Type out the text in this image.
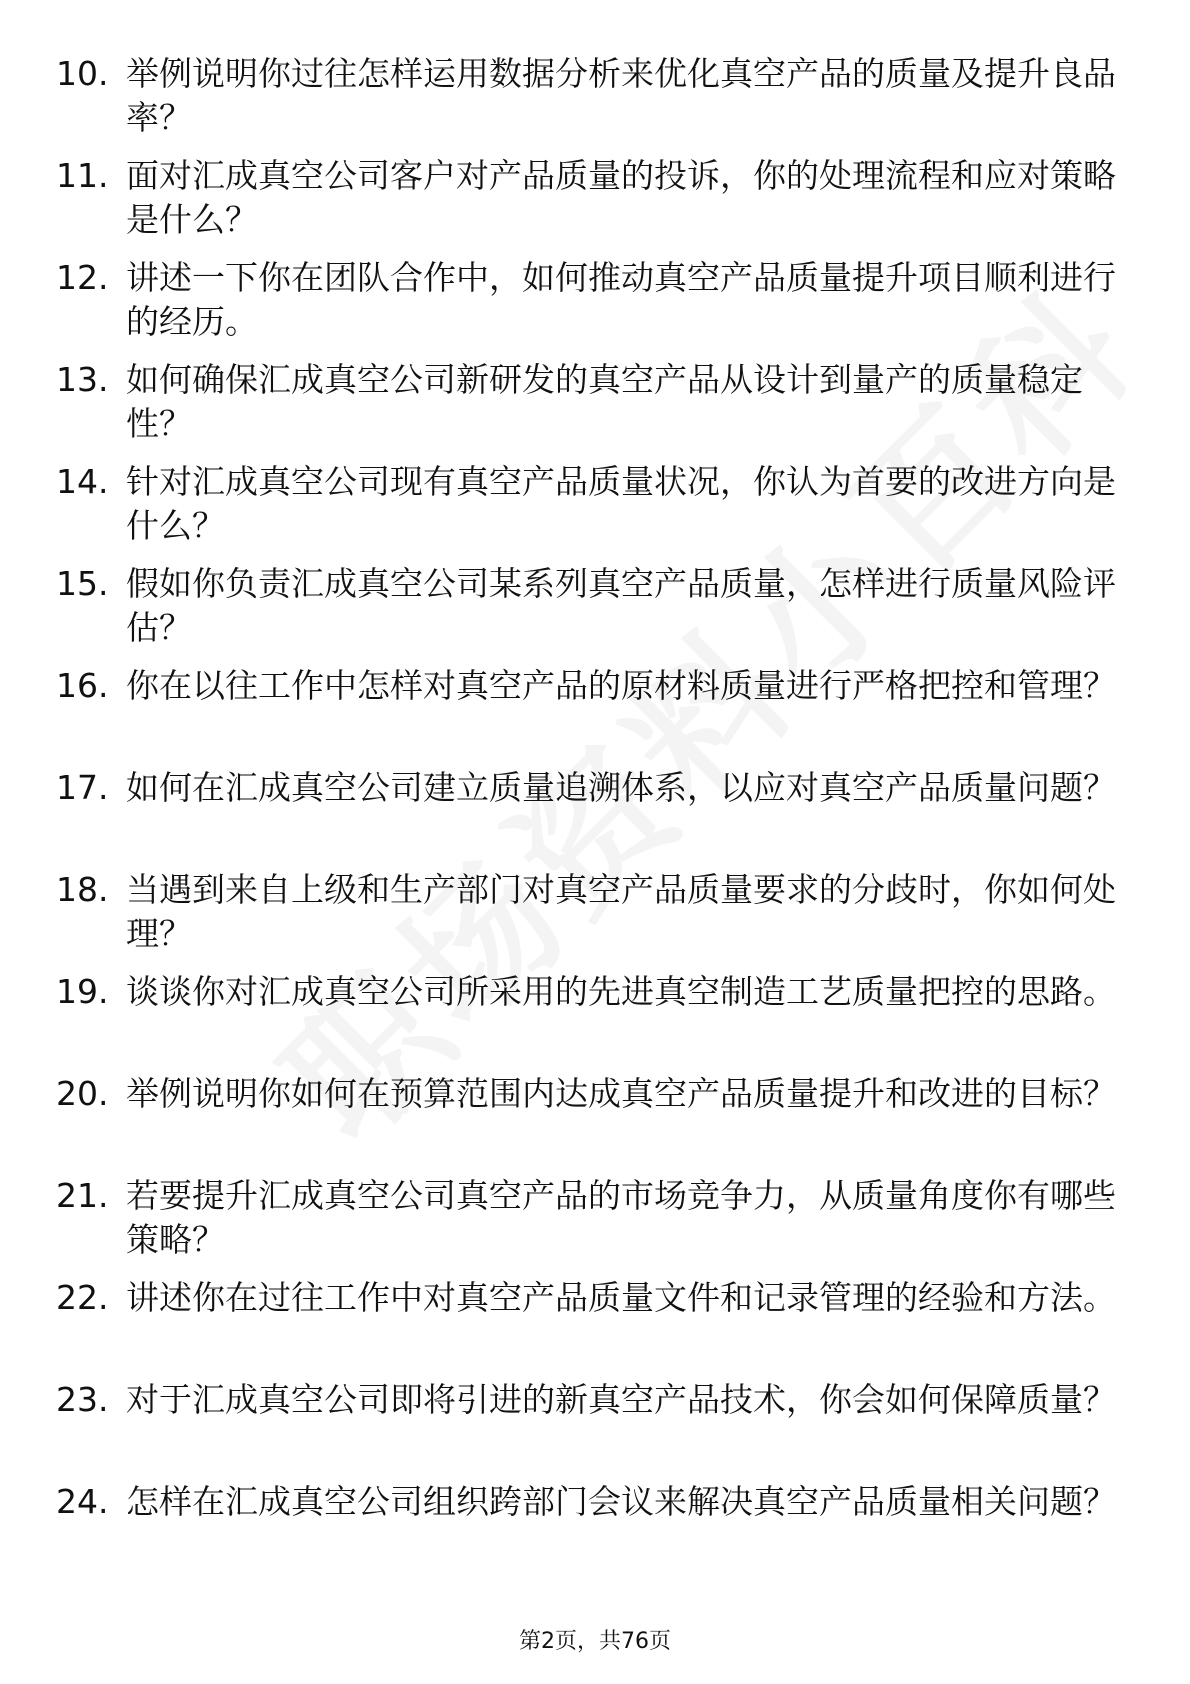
10. 举例说明你过往怎样运用数据分析来优化真空产品的质量及提升良品率？
11. 面对汇成真空公司客户对产品质量的投诉，你的处理流程和应对策略是什么？
12. 讲述一下你在团队合作中，如何推动真空产品质量提升项目顺利进行的经历。
13. 如何确保汇成真空公司新研发的真空产品从设计到量产的质量稳定性？
14. 针对汇成真空公司现有真空产品质量状况，你认为首要的改进方向是什么？
15. 假如你负责汇成真空公司某系列真空产品质量，怎样进行质量风险评估？
16. 你在以往工作中怎样对真空产品的原材料质量进行严格把控和管理？
17. 如何在汇成真空公司建立质量追溯体系，以应对真空产品质量问题？
18. 当遇到来自上级和生产部门对真空产品质量要求的分歧时，你如何处理？
19. 谈谈你对汇成真空公司所采用的先进真空制造工艺质量把控的思路。
20. 举例说明你如何在预算范围内达成真空产品质量提升和改进的目标？
21. 若要提升汇成真空公司真空产品的市场竞争力，从质量角度你有哪些策略？
22. 讲述你在过往工作中对真空产品质量文件和记录管理的经验和方法。
23. 对于汇成真空公司即将引进的新真空产品技术，你会如何保障质量？
24. 怎样在汇成真空公司组织跨部门会议来解决真空产品质量相关问题？
第2页，共76页
